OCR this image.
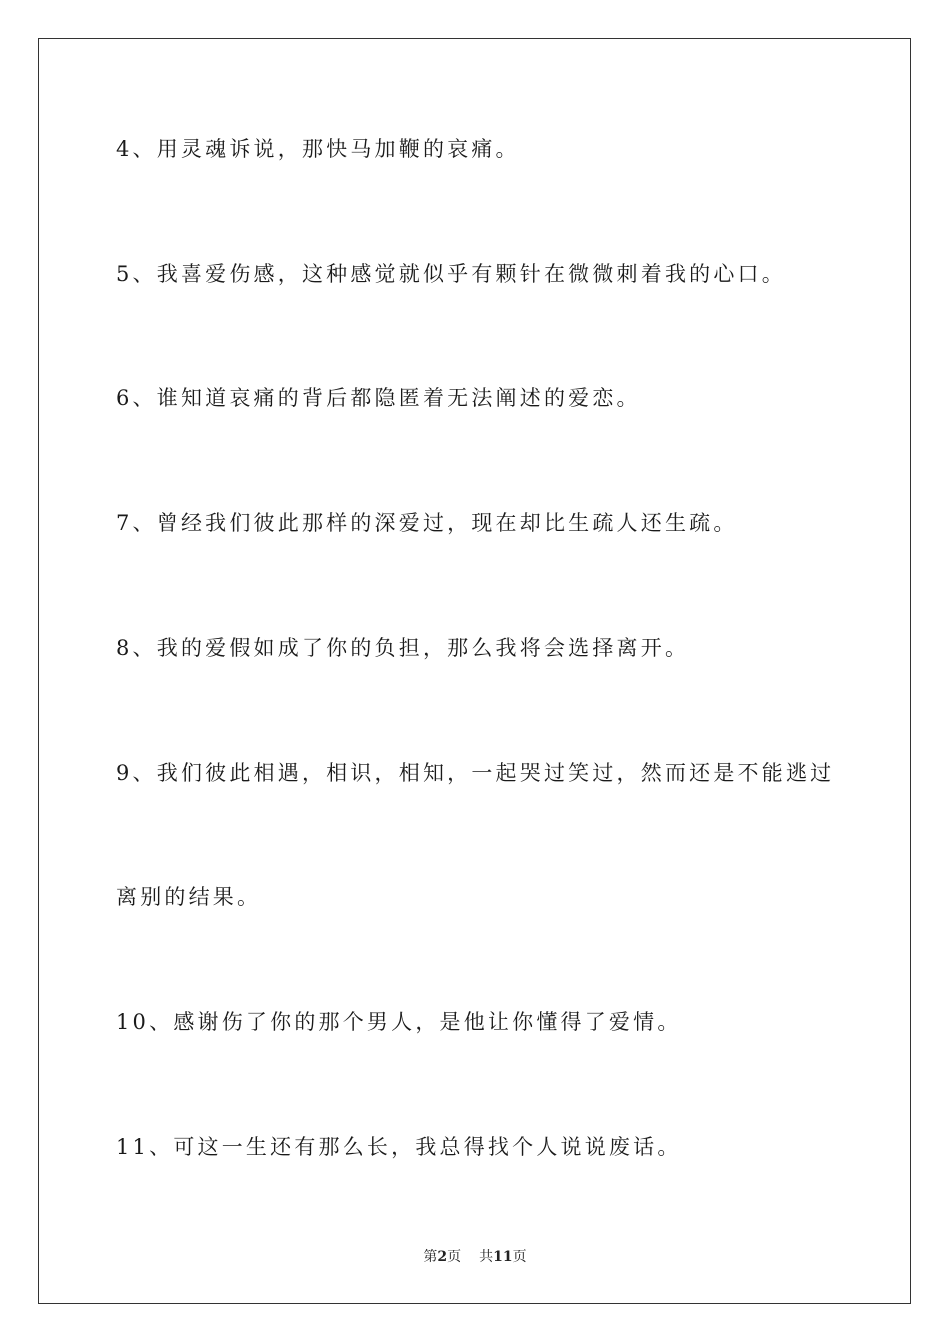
4、用灵魂诉说，那快马加鞭的哀痛。
5、我喜爱伤感，这种感觉就似乎有颗针在微微刺着我的心口。
6、谁知道哀痛的背后都隐匿着无法阐述的爱恋。
7、曾经我们彼此那样的深爱过，现在却比生疏人还生疏。
8、我的爱假如成了你的负担，那么我将会选择离开。
9、我们彼此相遇，相识，相知，一起哭过笑过，然而还是不能逃过
离别的结果。
10、感谢伤了你的那个男人，是他让你懂得了爱情。
11、可这一生还有那么长，我总得找个人说说废话。
第2页 共11页
